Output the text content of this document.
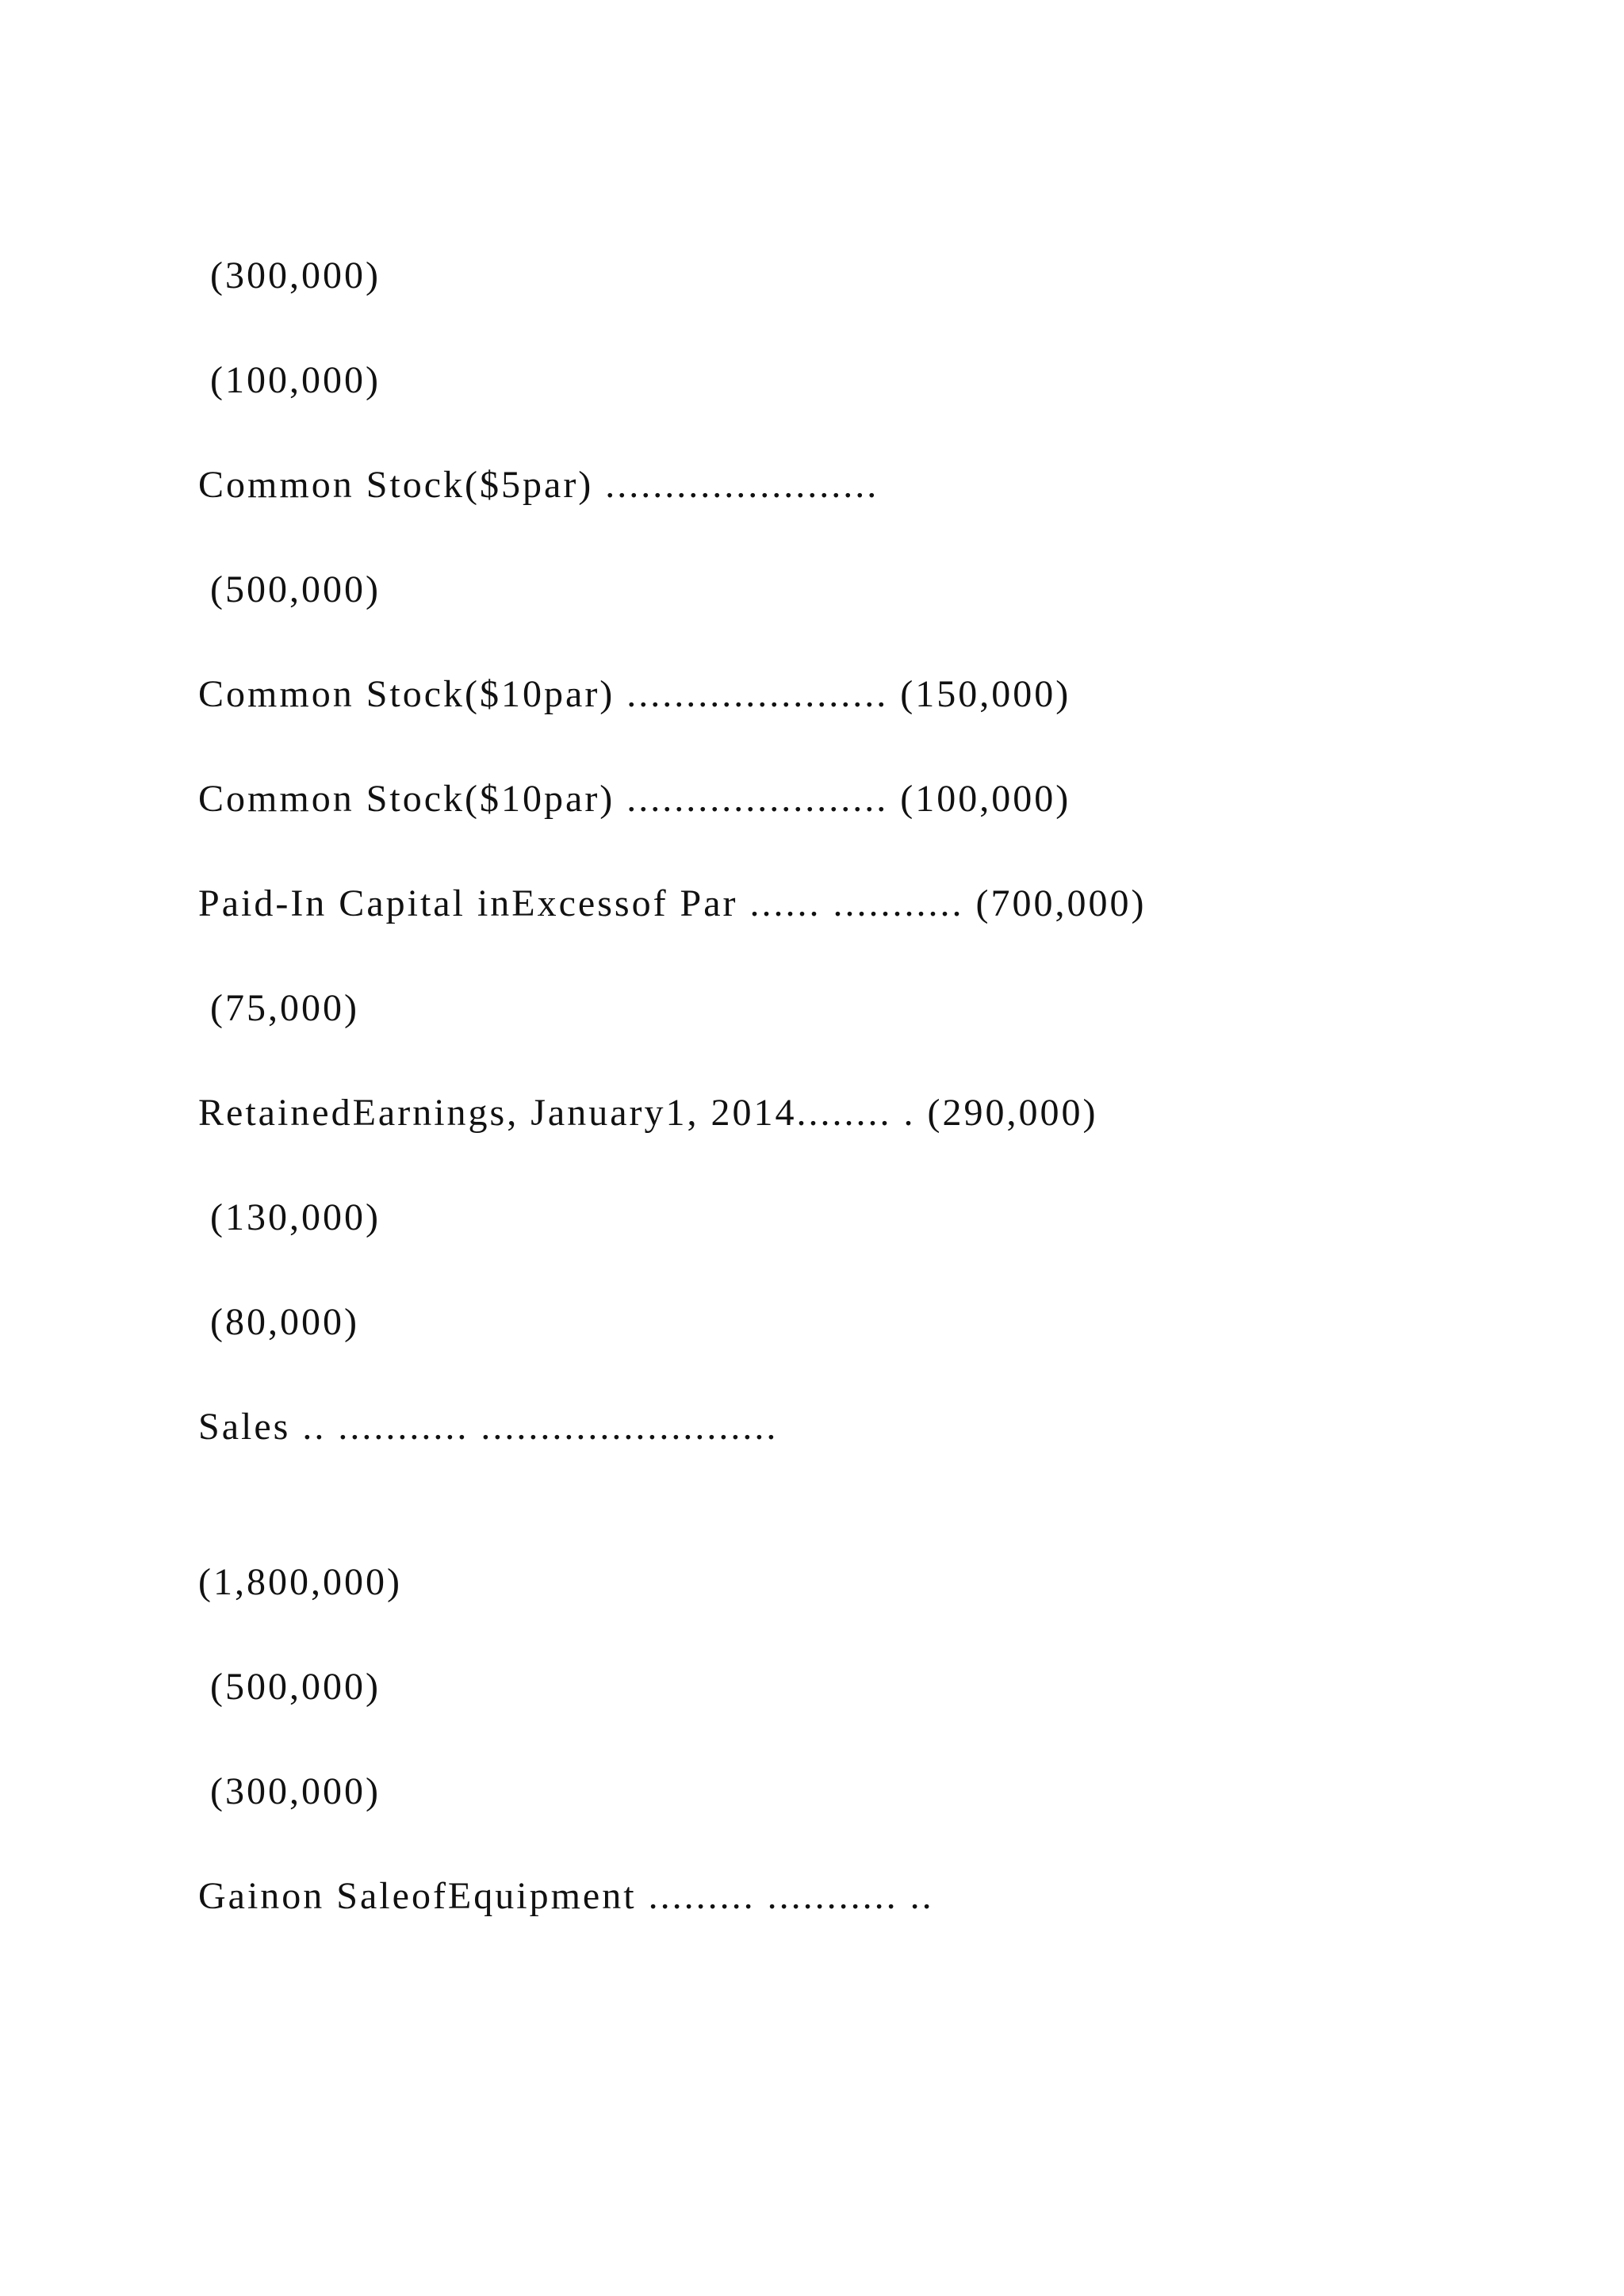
(300,000)

(100,000)

Common Stock($5par) .......................

(500,000)

Common Stock($10par) ...................... (150,000)

Common Stock($10par) ...................... (100,000)

Paid-In Capital inExcessof Par ...... ........... (700,000)

(75,000)

RetainedEarnings, January1, 2014........ . (290,000)

(130,000)

(80,000)

Sales .. ........... .........................

(1,800,000)

(500,000)

(300,000)

Gainon SaleofEquipment ......... ........... ..
